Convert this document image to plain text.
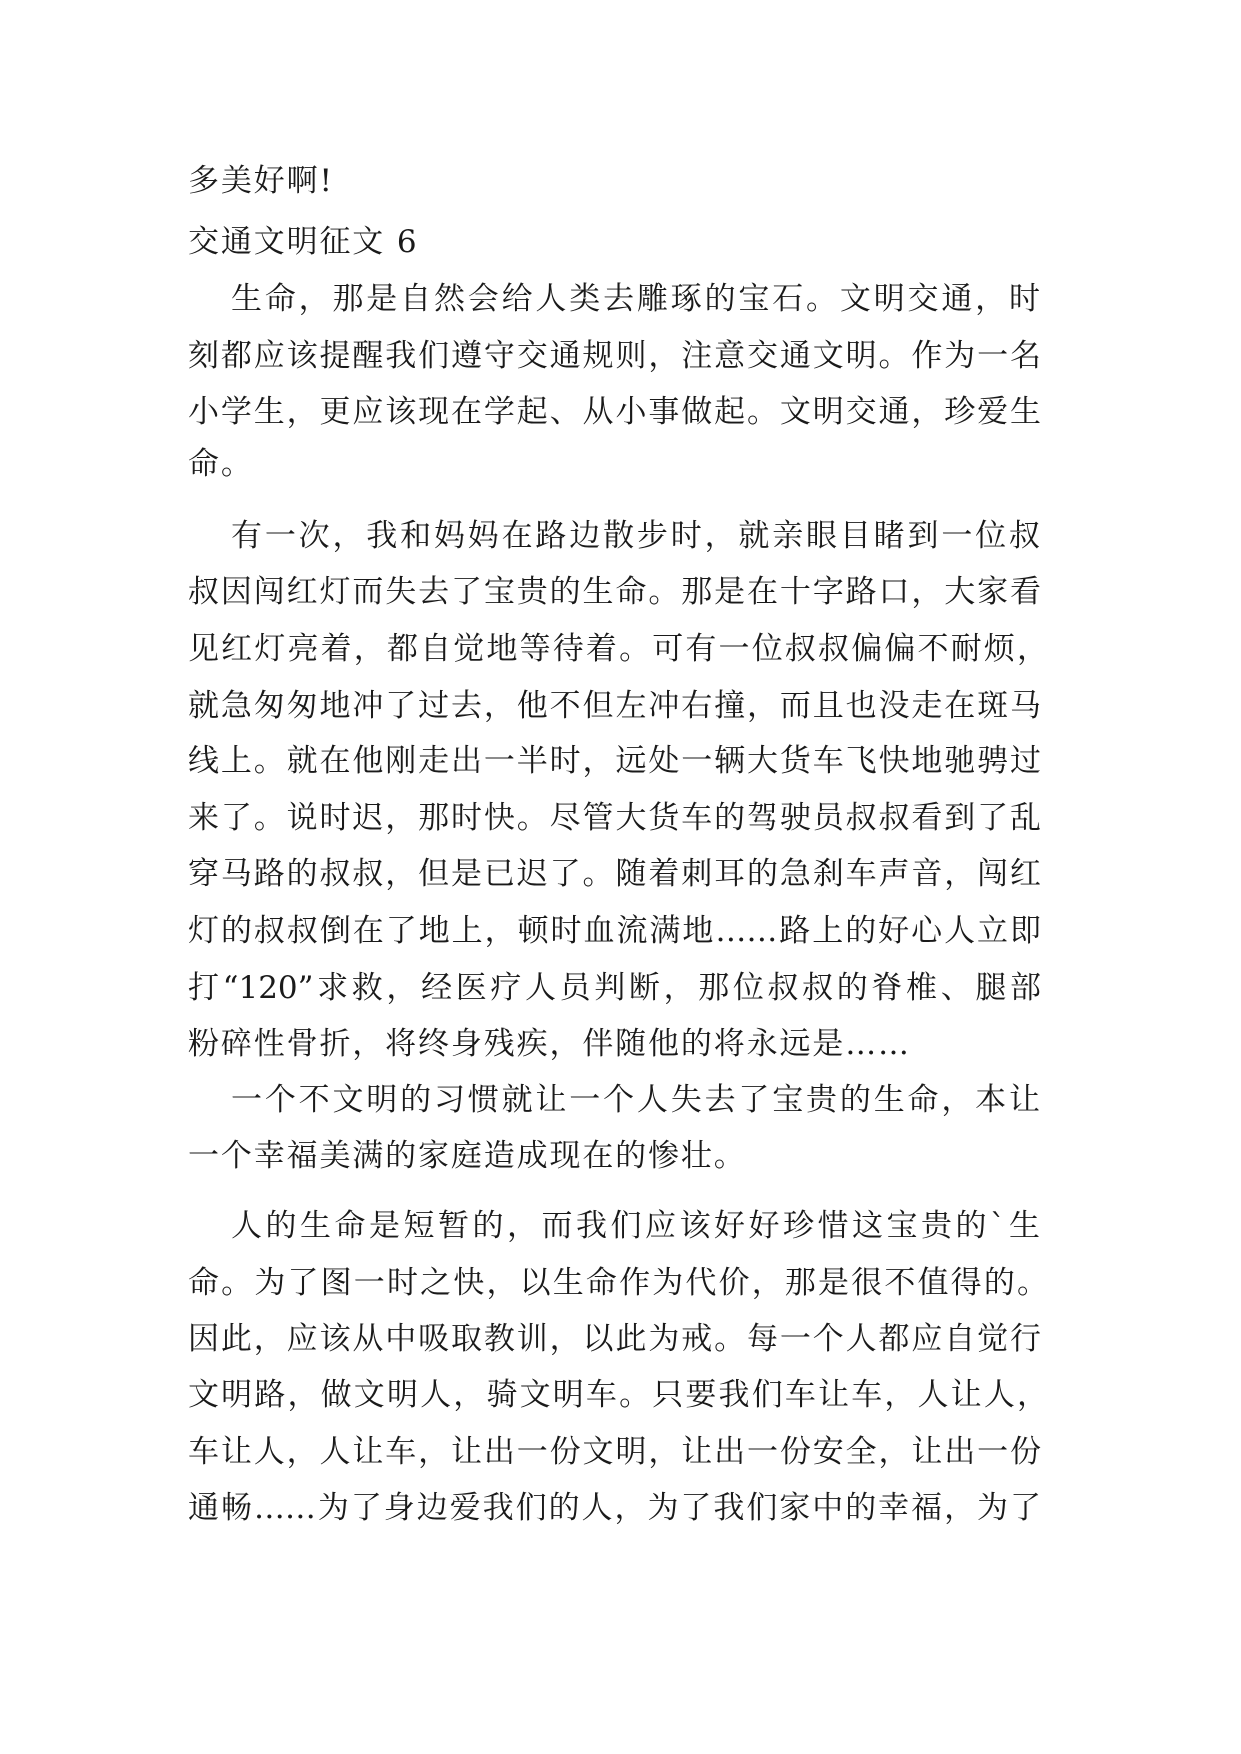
多美好啊!
交通文明征文 6
生命，那是自然会给人类去雕琢的宝石。文明交通，时
刻都应该提醒我们遵守交通规则，注意交通文明。作为一名
小学生，更应该现在学起、从小事做起。文明交通，珍爱生
命。
有一次，我和妈妈在路边散步时，就亲眼目睹到一位叔
叔因闯红灯而失去了宝贵的生命。那是在十字路口，大家看
见红灯亮着，都自觉地等待着。可有一位叔叔偏偏不耐烦，
就急匆匆地冲了过去，他不但左冲右撞，而且也没走在斑马
线上。就在他刚走出一半时，远处一辆大货车飞快地驰骋过
来了。说时迟，那时快。尽管大货车的驾驶员叔叔看到了乱
穿马路的叔叔，但是已迟了。随着刺耳的急刹车声音，闯红
灯的叔叔倒在了地上，顿时血流满地……路上的好心人立即
打“120”求救，经医疗人员判断，那位叔叔的脊椎、腿部
粉碎性骨折，将终身残疾，伴随他的将永远是……
一个不文明的习惯就让一个人失去了宝贵的生命，本让
一个幸福美满的家庭造成现在的惨壮。
人的生命是短暂的，而我们应该好好珍惜这宝贵的`生
命。为了图一时之快，以生命作为代价，那是很不值得的。
因此，应该从中吸取教训，以此为戒。每一个人都应自觉行
文明路，做文明人，骑文明车。只要我们车让车，人让人，
车让人，人让车，让出一份文明，让出一份安全，让出一份
通畅……为了身边爱我们的人，为了我们家中的幸福，为了
